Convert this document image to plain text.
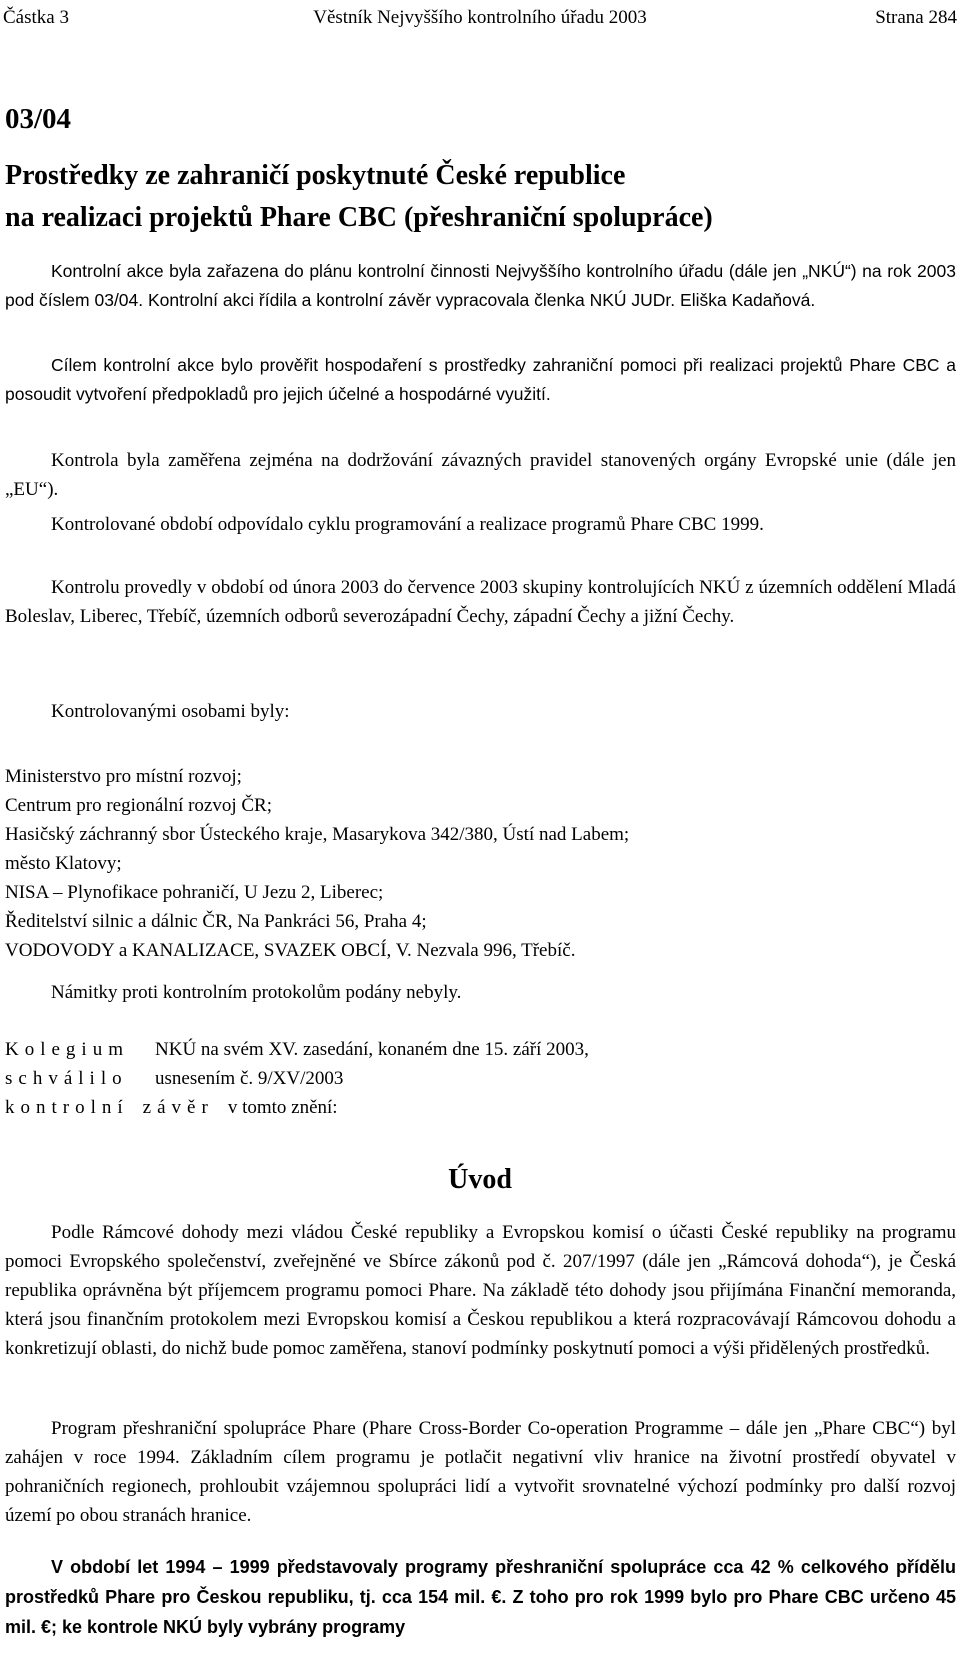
Částka 3	Věstník Nejvyššího kontrolního úřadu 2003	Strana 284
03/04
Prostředky ze zahraničí poskytnuté České republice
na realizaci projektů Phare CBC (přeshraniční spolupráce)

Kontrolní akce byla zařazena do plánu kontrolní činnosti Nejvyššího kontrolního úřadu (dále jen „NKÚ“) na rok 2003 pod číslem 03/04. Kontrolní akci řídila a kontrolní závěr vypracovala členka NKÚ JUDr. Eliška Kadaňová.

Cílem kontrolní akce bylo prověřit hospodaření s prostředky zahraniční pomoci při realizaci projektů Phare CBC a posoudit vytvoření předpokladů pro jejich účelné a hospodárné využití.

Kontrola byla zaměřena zejména na dodržování závazných pravidel stanovených orgány Evropské unie (dále jen „EU“).

Kontrolované období odpovídalo cyklu programování a realizace programů Phare CBC 1999.

Kontrolu provedly v období od února 2003 do července 2003 skupiny kontrolujících NKÚ z územních oddělení Mladá Boleslav, Liberec, Třebíč, územních odborů severozápadní Čechy, západní Čechy a jižní Čechy.

Kontrolovanými osobami byly:

Ministerstvo pro místní rozvoj;
Centrum pro regionální rozvoj ČR;
Hasičský záchranný sbor Ústeckého kraje, Masarykova 342/380, Ústí nad Labem;
město Klatovy;
NISA – Plynofikace pohraničí, U Jezu 2, Liberec;
Ředitelství silnic a dálnic ČR, Na Pankráci 56, Praha 4;
VODOVODY a KANALIZACE, SVAZEK OBCÍ, V. Nezvala 996, Třebíč.

Námitky proti kontrolním protokolům podány nebyly.

Kolegium NKÚ na svém XV. zasedání, konaném dne 15. září 2003,
schválilo usnesením č. 9/XV/2003
kontrolní závěr v tomto znění:
Úvod

Podle Rámcové dohody mezi vládou České republiky a Evropskou komisí o účasti České republiky na programu pomoci Evropského společenství, zveřejněné ve Sbírce zákonů pod č. 207/1997 (dále jen „Rámcová dohoda“), je Česká republika oprávněna být příjemcem programu pomoci Phare. Na základě této dohody jsou přijímána Finanční memoranda, která jsou finančním protokolem mezi Evropskou komisí a Českou republikou a která rozpracovávají Rámcovou dohodu a konkretizují oblasti, do nichž bude pomoc zaměřena, stanoví podmínky poskytnutí pomoci a výši přidělených prostředků.

Program přeshraniční spolupráce Phare (Phare Cross-Border Co-operation Programme – dále jen „Phare CBC“) byl zahájen v roce 1994. Základním cílem programu je potlačit negativní vliv hranice na životní prostředí obyvatel v pohraničních regionech, prohloubit vzájemnou spolupráci lidí a vytvořit srovnatelné výchozí podmínky pro další rozvoj území po obou stranách hranice.

V období let 1994 – 1999 představovaly programy přeshraniční spolupráce cca 42 % celkového přídělu prostředků Phare pro Českou republiku, tj. cca 154 mil. €. Z toho pro rok 1999 bylo pro Phare CBC určeno 45 mil. €; ke kontrole NKÚ byly vybrány programy
